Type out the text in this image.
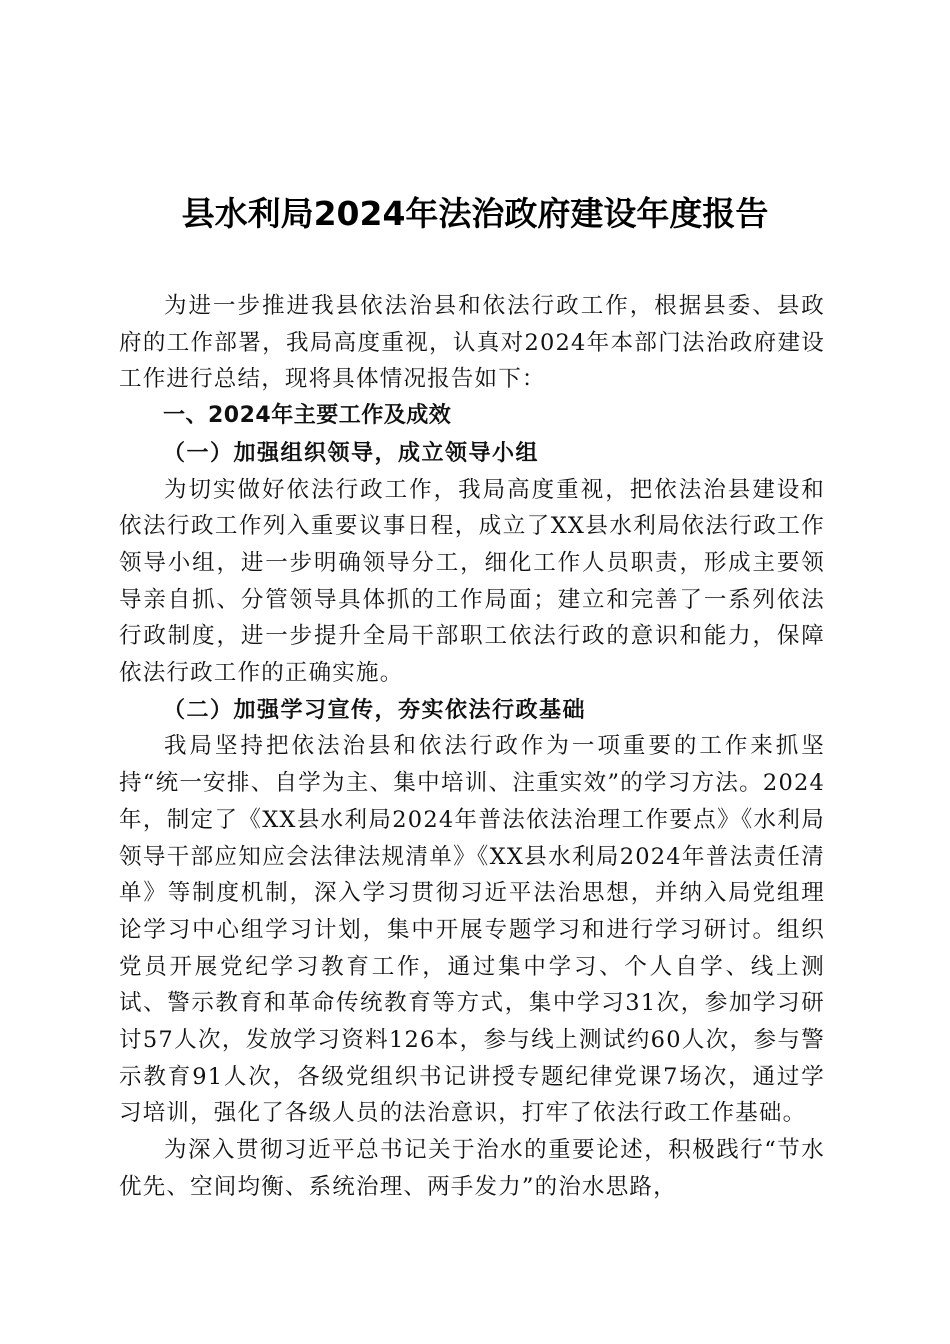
县水利局2024年法治政府建设年度报告

为进一步推进我县依法治县和依法行政工作，根据县委、县政府的工作部署，我局高度重视，认真对2024年本部门法治政府建设工作进行总结，现将具体情况报告如下：

一、2024年主要工作及成效

（一）加强组织领导，成立领导小组

为切实做好依法行政工作，我局高度重视，把依法治县建设和依法行政工作列入重要议事日程，成立了XX县水利局依法行政工作领导小组，进一步明确领导分工，细化工作人员职责，形成主要领导亲自抓、分管领导具体抓的工作局面；建立和完善了一系列依法行政制度，进一步提升全局干部职工依法行政的意识和能力，保障依法行政工作的正确实施。

（二）加强学习宣传，夯实依法行政基础

我局坚持把依法治县和依法行政作为一项重要的工作来抓坚持“统一安排、自学为主、集中培训、注重实效”的学习方法。2024年，制定了《XX县水利局2024年普法依法治理工作要点》《水利局领导干部应知应会法律法规清单》《XX县水利局2024年普法责任清单》等制度机制，深入学习贯彻习近平法治思想，并纳入局党组理论学习中心组学习计划，集中开展专题学习和进行学习研讨。组织党员开展党纪学习教育工作，通过集中学习、个人自学、线上测试、警示教育和革命传统教育等方式，集中学习31次，参加学习研讨57人次，发放学习资料126本，参与线上测试约60人次，参与警示教育91人次，各级党组织书记讲授专题纪律党课7场次，通过学习培训，强化了各级人员的法治意识，打牢了依法行政工作基础。

为深入贯彻习近平总书记关于治水的重要论述，积极践行“节水优先、空间均衡、系统治理、两手发力”的治水思路，
